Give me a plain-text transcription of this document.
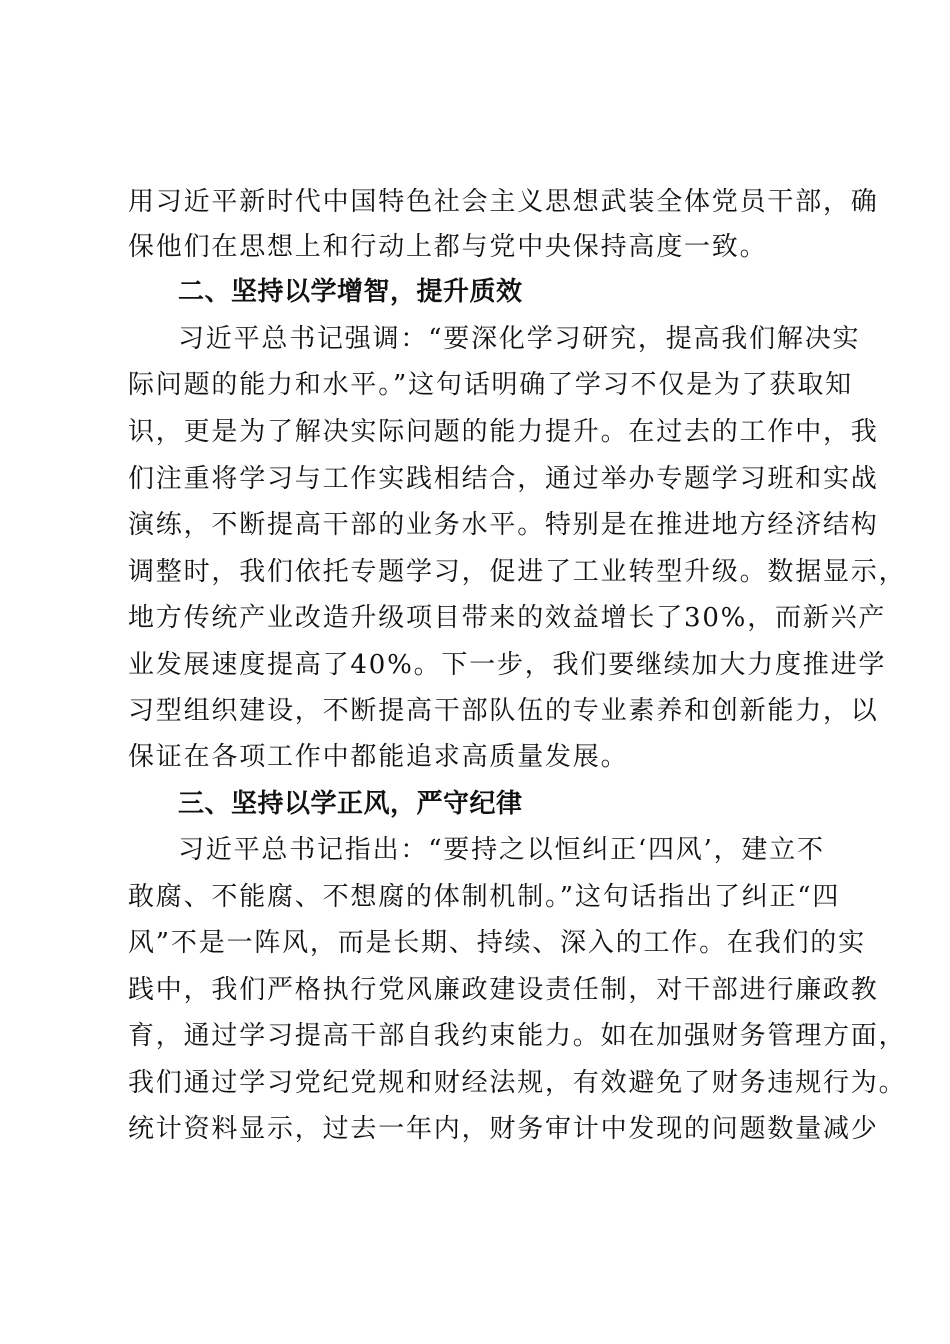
用习近平新时代中国特色社会主义思想武装全体党员干部，确
保他们在思想上和行动上都与党中央保持高度一致。
二、坚持以学增智，提升质效
习近平总书记强调：“要深化学习研究，提高我们解决实
际问题的能力和水平。”这句话明确了学习不仅是为了获取知
识，更是为了解决实际问题的能力提升。在过去的工作中，我
们注重将学习与工作实践相结合，通过举办专题学习班和实战
演练，不断提高干部的业务水平。特别是在推进地方经济结构
调整时，我们依托专题学习，促进了工业转型升级。数据显示，
地方传统产业改造升级项目带来的效益增长了30%，而新兴产
业发展速度提高了40%。下一步，我们要继续加大力度推进学
习型组织建设，不断提高干部队伍的专业素养和创新能力，以
保证在各项工作中都能追求高质量发展。
三、坚持以学正风，严守纪律
习近平总书记指出：“要持之以恒纠正‘四风’，建立不
敢腐、不能腐、不想腐的体制机制。”这句话指出了纠正“四
风”不是一阵风，而是长期、持续、深入的工作。在我们的实
践中，我们严格执行党风廉政建设责任制，对干部进行廉政教
育，通过学习提高干部自我约束能力。如在加强财务管理方面，
我们通过学习党纪党规和财经法规，有效避免了财务违规行为。
统计资料显示，过去一年内，财务审计中发现的问题数量减少
